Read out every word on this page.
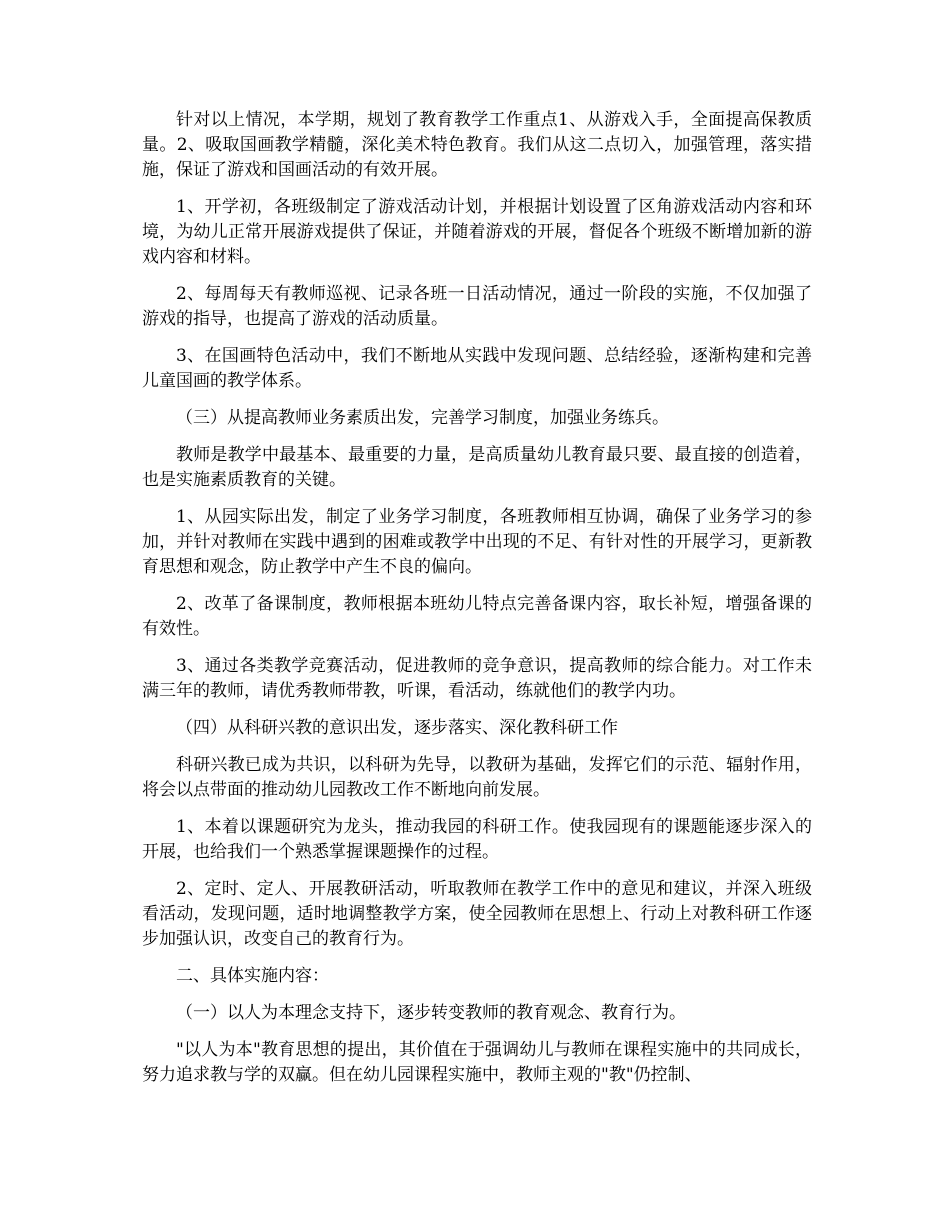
针对以上情况，本学期，规划了教育教学工作重点1、从游戏入手，全面提高保教质量。2、吸取国画教学精髓，深化美术特色教育。我们从这二点切入，加强管理，落实措施，保证了游戏和国画活动的有效开展。

1、开学初，各班级制定了游戏活动计划，并根据计划设置了区角游戏活动内容和环境，为幼儿正常开展游戏提供了保证，并随着游戏的开展，督促各个班级不断增加新的游戏内容和材料。

2、每周每天有教师巡视、记录各班一日活动情况，通过一阶段的实施，不仅加强了游戏的指导，也提高了游戏的活动质量。

3、在国画特色活动中，我们不断地从实践中发现问题、总结经验，逐渐构建和完善儿童国画的教学体系。

（三）从提高教师业务素质出发，完善学习制度，加强业务练兵。

教师是教学中最基本、最重要的力量，是高质量幼儿教育最只要、最直接的创造着，也是实施素质教育的关键。

1、从园实际出发，制定了业务学习制度，各班教师相互协调，确保了业务学习的参加，并针对教师在实践中遇到的困难或教学中出现的不足、有针对性的开展学习，更新教育思想和观念，防止教学中产生不良的偏向。

2、改革了备课制度，教师根据本班幼儿特点完善备课内容，取长补短，增强备课的有效性。

3、通过各类教学竞赛活动，促进教师的竞争意识，提高教师的综合能力。对工作未满三年的教师，请优秀教师带教，听课，看活动，练就他们的教学内功。

（四）从科研兴教的意识出发，逐步落实、深化教科研工作

科研兴教已成为共识，以科研为先导，以教研为基础，发挥它们的示范、辐射作用，将会以点带面的推动幼儿园教改工作不断地向前发展。

1、本着以课题研究为龙头，推动我园的科研工作。使我园现有的课题能逐步深入的开展，也给我们一个熟悉掌握课题操作的过程。

2、定时、定人、开展教研活动，听取教师在教学工作中的意见和建议，并深入班级看活动，发现问题，适时地调整教学方案，使全园教师在思想上、行动上对教科研工作逐步加强认识，改变自己的教育行为。

二、具体实施内容：

（一）以人为本理念支持下，逐步转变教师的教育观念、教育行为。

"以人为本"教育思想的提出，其价值在于强调幼儿与教师在课程实施中的共同成长，努力追求教与学的双赢。但在幼儿园课程实施中，教师主观的"教"仍控制、
